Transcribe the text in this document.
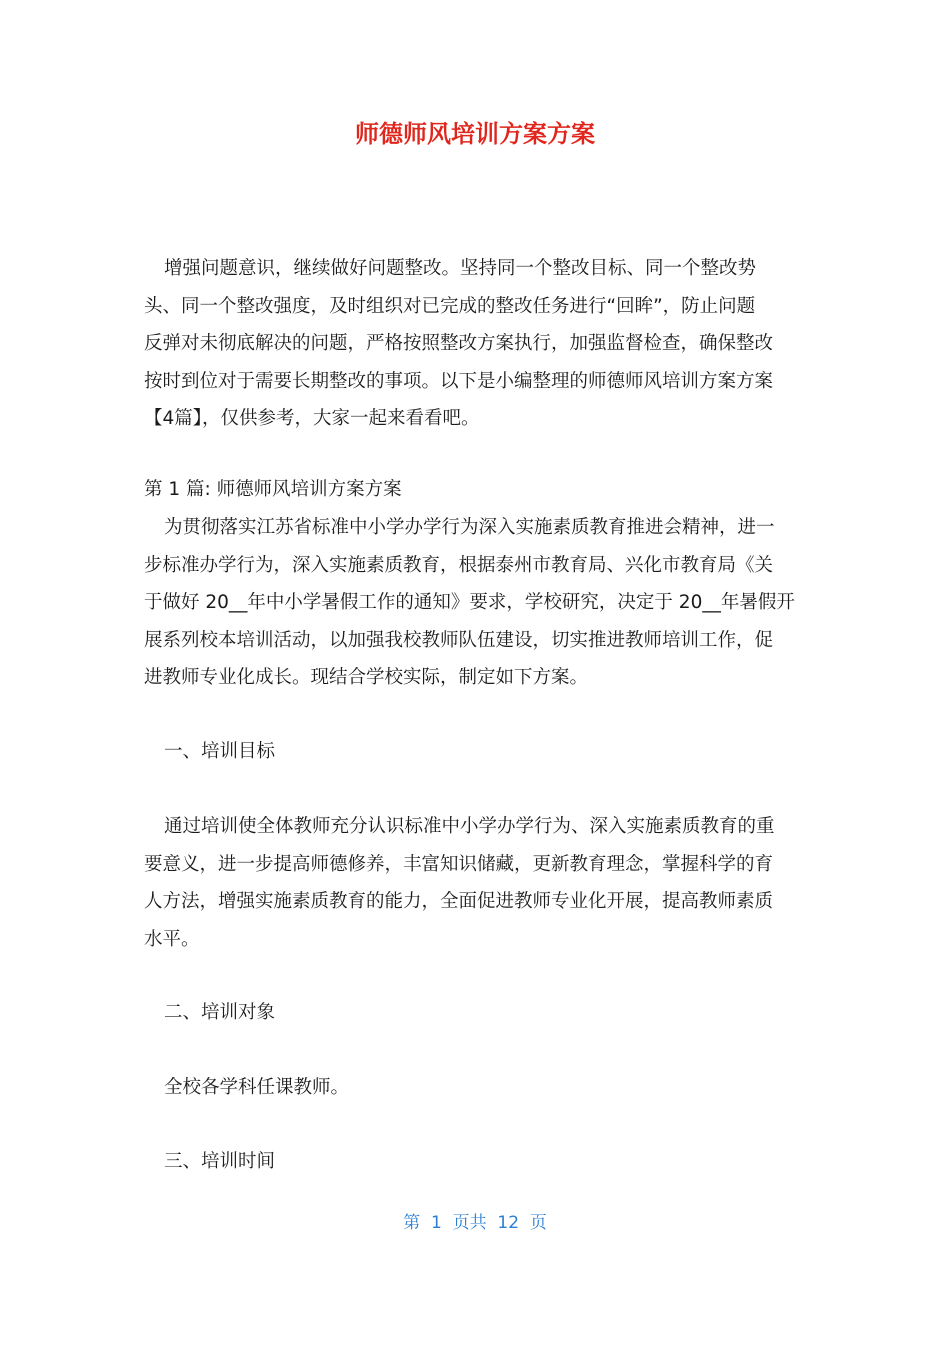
师德师风培训方案方案

增强问题意识，继续做好问题整改。坚持同一个整改目标、同一个整改势
头、同一个整改强度，及时组织对已完成的整改任务进行“回眸”，防止问题
反弹对未彻底解决的问题，严格按照整改方案执行，加强监督检查，确保整改
按时到位对于需要长期整改的事项。以下是小编整理的师德师风培训方案方案
【4篇】，仅供参考，大家一起来看看吧。

第 1 篇: 师德师风培训方案方案

为贯彻落实江苏省标准中小学办学行为深入实施素质教育推进会精神，进一
步标准办学行为，深入实施素质教育，根据泰州市教育局、兴化市教育局《关
于做好 20__年中小学暑假工作的通知》要求，学校研究，决定于 20__年暑假开
展系列校本培训活动，以加强我校教师队伍建设，切实推进教师培训工作，促
进教师专业化成长。现结合学校实际，制定如下方案。

一、培训目标

通过培训使全体教师充分认识标准中小学办学行为、深入实施素质教育的重
要意义，进一步提高师德修养，丰富知识储藏，更新教育理念，掌握科学的育
人方法，增强实施素质教育的能力，全面促进教师专业化开展，提高教师素质
水平。

二、培训对象

全校各学科任课教师。

三、培训时间

第  1  页共  12  页
